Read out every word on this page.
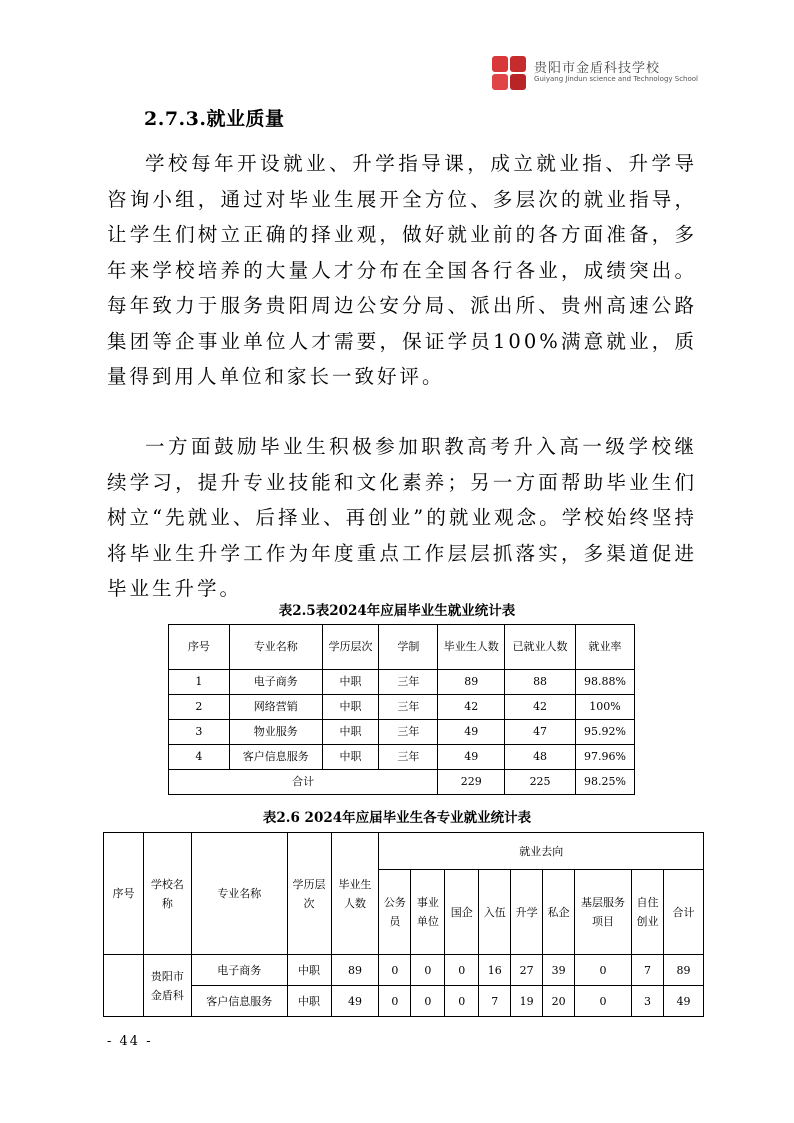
贵阳市金盾科技学校
Guiyang Jindun science and Technology School
2.7.3.就业质量

学校每年开设就业、升学指导课，成立就业指、升学导咨询小组，通过对毕业生展开全方位、多层次的就业指导，让学生们树立正确的择业观，做好就业前的各方面准备，多年来学校培养的大量人才分布在全国各行各业，成绩突出。每年致力于服务贵阳周边公安分局、派出所、贵州高速公路集团等企事业单位人才需要，保证学员100%满意就业，质量得到用人单位和家长一致好评。

一方面鼓励毕业生积极参加职教高考升入高一级学校继续学习，提升专业技能和文化素养；另一方面帮助毕业生们树立“先就业、后择业、再创业”的就业观念。学校始终坚持将毕业生升学工作为年度重点工作层层抓落实，多渠道促进毕业生升学。

表2.5表2024年应届毕业生就业统计表
序号	专业名称	学历层次	学制	毕业生人数	已就业人数	就业率
1	电子商务	中职	三年	89	88	98.88%
2	网络营销	中职	三年	42	42	100%
3	物业服务	中职	三年	49	47	95.92%
4	客户信息服务	中职	三年	49	48	97.96%
合计				229	225	98.25%
表2.6 2024年应届毕业生各专业就业统计表
序号	学校名称	专业名称	学历层次	毕业生人数	就业去向								
					公务员	事业单位	国企	入伍	升学	私企	基层服务项目	自住创业	合计
	贵阳市金盾科	电子商务	中职	89	0	0	0	16	27	39	0	7	89
		客户信息服务	中职	49	0	0	0	7	19	20	0	3	49
- 44 -
